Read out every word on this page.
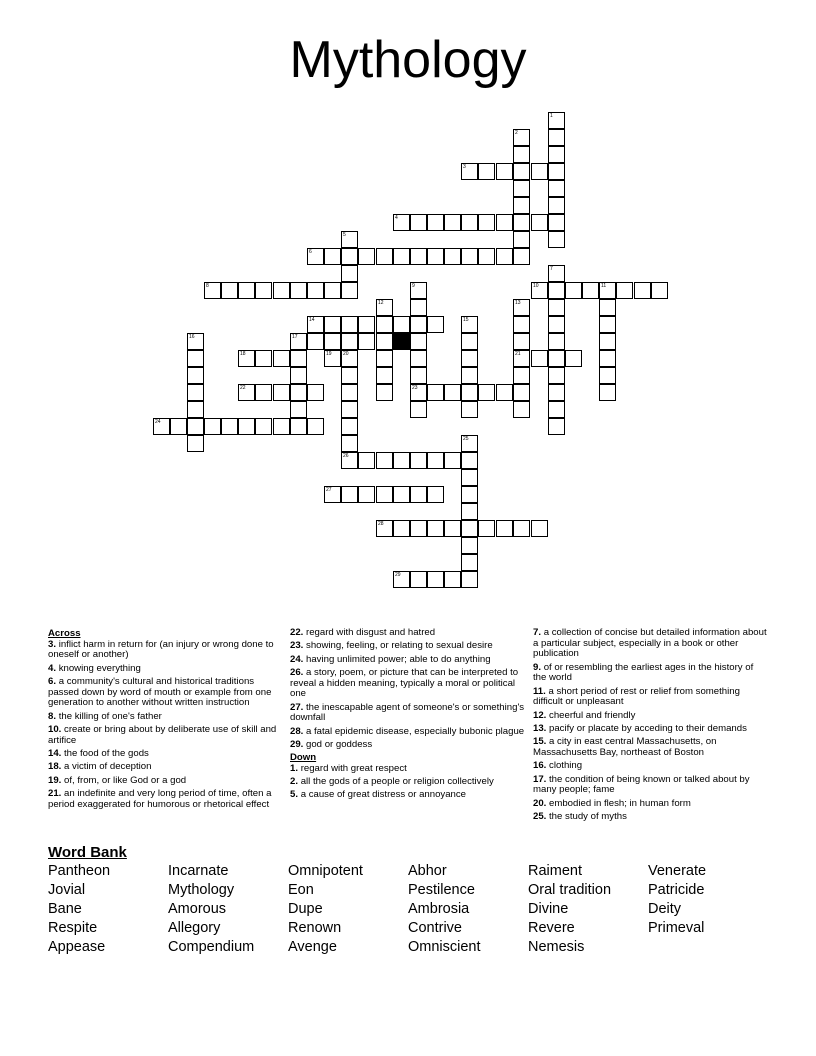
Mythology
1
2
3
4
5
6
7
8	9	10	11
12	13
14	15
16	17
18	19 20	21
22	23
24
25
26
27
28
29
Across
3. inflict harm in return for (an injury or wrong done to oneself or another)
4. knowing everything
6. a community's cultural and historical traditions passed down by word of mouth or example from one generation to another without written instruction
8. the killing of one's father
10. create or bring about by deliberate use of skill and artifice
14. the food of the gods
18. a victim of deception
19. of, from, or like God or a god
21. an indefinite and very long period of time, often a period exaggerated for humorous or rhetorical effect
22. regard with disgust and hatred
23. showing, feeling, or relating to sexual desire
24. having unlimited power; able to do anything
26. a story, poem, or picture that can be interpreted to reveal a hidden meaning, typically a moral or political one
27. the inescapable agent of someone's or something's downfall
28. a fatal epidemic disease, especially bubonic plague
29. god or goddess
Down
1. regard with great respect
2. all the gods of a people or religion collectively
5. a cause of great distress or annoyance
7. a collection of concise but detailed information about a particular subject, especially in a book or other publication
9. of or resembling the earliest ages in the history of the world
11. a short period of rest or relief from something difficult or unpleasant
12. cheerful and friendly
13. pacify or placate by acceding to their demands
15. a city in east central Massachusetts, on Massachusetts Bay, northeast of Boston
16. clothing
17. the condition of being known or talked about by many people; fame
20. embodied in flesh; in human form
25. the study of myths
Word Bank
Pantheon	Incarnate	Omnipotent	Abhor	Raiment	Venerate
Jovial	Mythology	Eon	Pestilence	Oral tradition	Patricide
Bane	Amorous	Dupe	Ambrosia	Divine	Deity
Respite	Allegory	Renown	Contrive	Revere	Primeval
Appease	Compendium	Avenge	Omniscient	Nemesis
